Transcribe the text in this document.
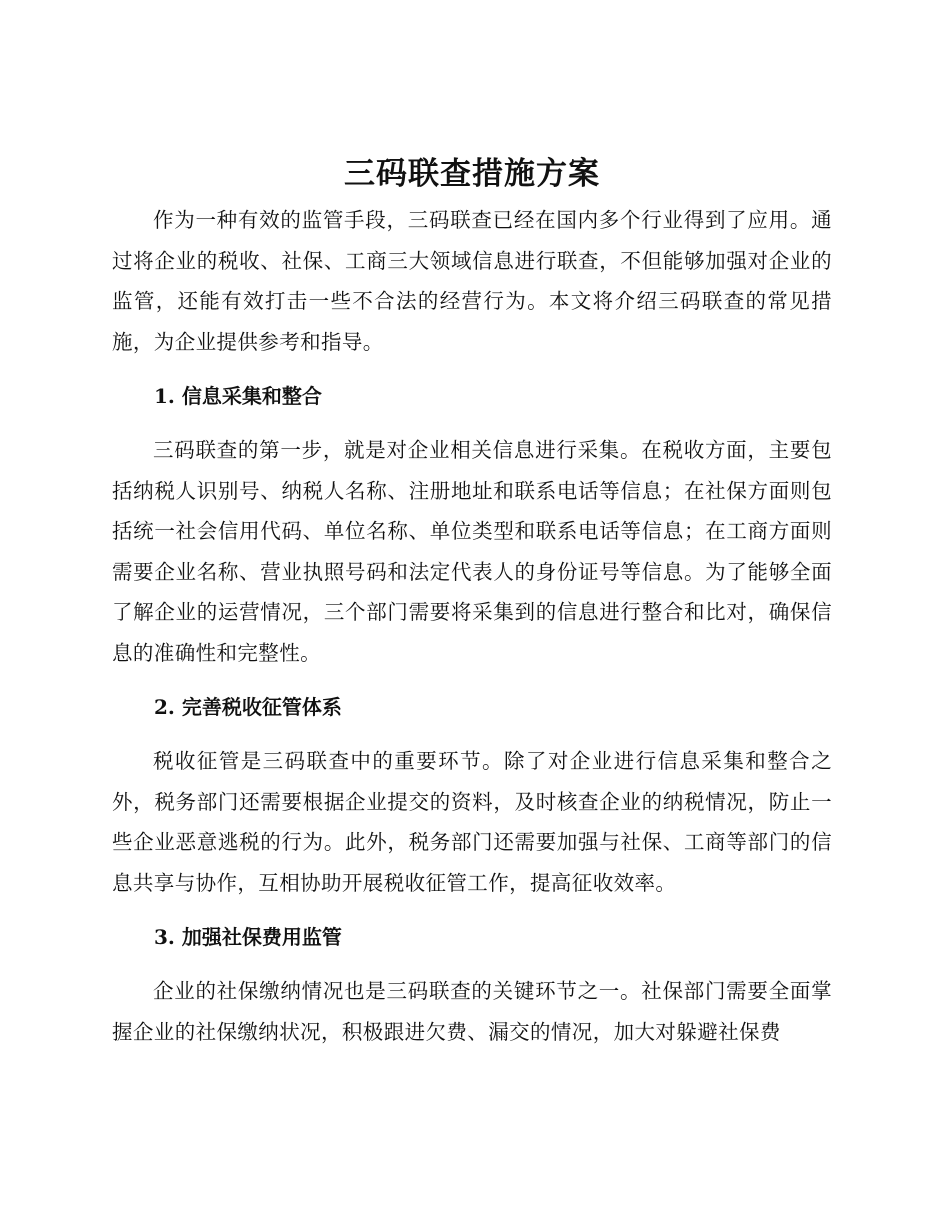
三码联查措施方案

作为一种有效的监管手段，三码联查已经在国内多个行业得到了应用。通过将企业的税收、社保、工商三大领域信息进行联查，不但能够加强对企业的监管，还能有效打击一些不合法的经营行为。本文将介绍三码联查的常见措施，为企业提供参考和指导。

1. 信息采集和整合

三码联查的第一步，就是对企业相关信息进行采集。在税收方面，主要包括纳税人识别号、纳税人名称、注册地址和联系电话等信息；在社保方面则包括统一社会信用代码、单位名称、单位类型和联系电话等信息；在工商方面则需要企业名称、营业执照号码和法定代表人的身份证号等信息。为了能够全面了解企业的运营情况，三个部门需要将采集到的信息进行整合和比对，确保信息的准确性和完整性。

2. 完善税收征管体系

税收征管是三码联查中的重要环节。除了对企业进行信息采集和整合之外，税务部门还需要根据企业提交的资料，及时核查企业的纳税情况，防止一些企业恶意逃税的行为。此外，税务部门还需要加强与社保、工商等部门的信息共享与协作，互相协助开展税收征管工作，提高征收效率。

3. 加强社保费用监管

企业的社保缴纳情况也是三码联查的关键环节之一。社保部门需要全面掌握企业的社保缴纳状况，积极跟进欠费、漏交的情况，加大对躲避社保费
